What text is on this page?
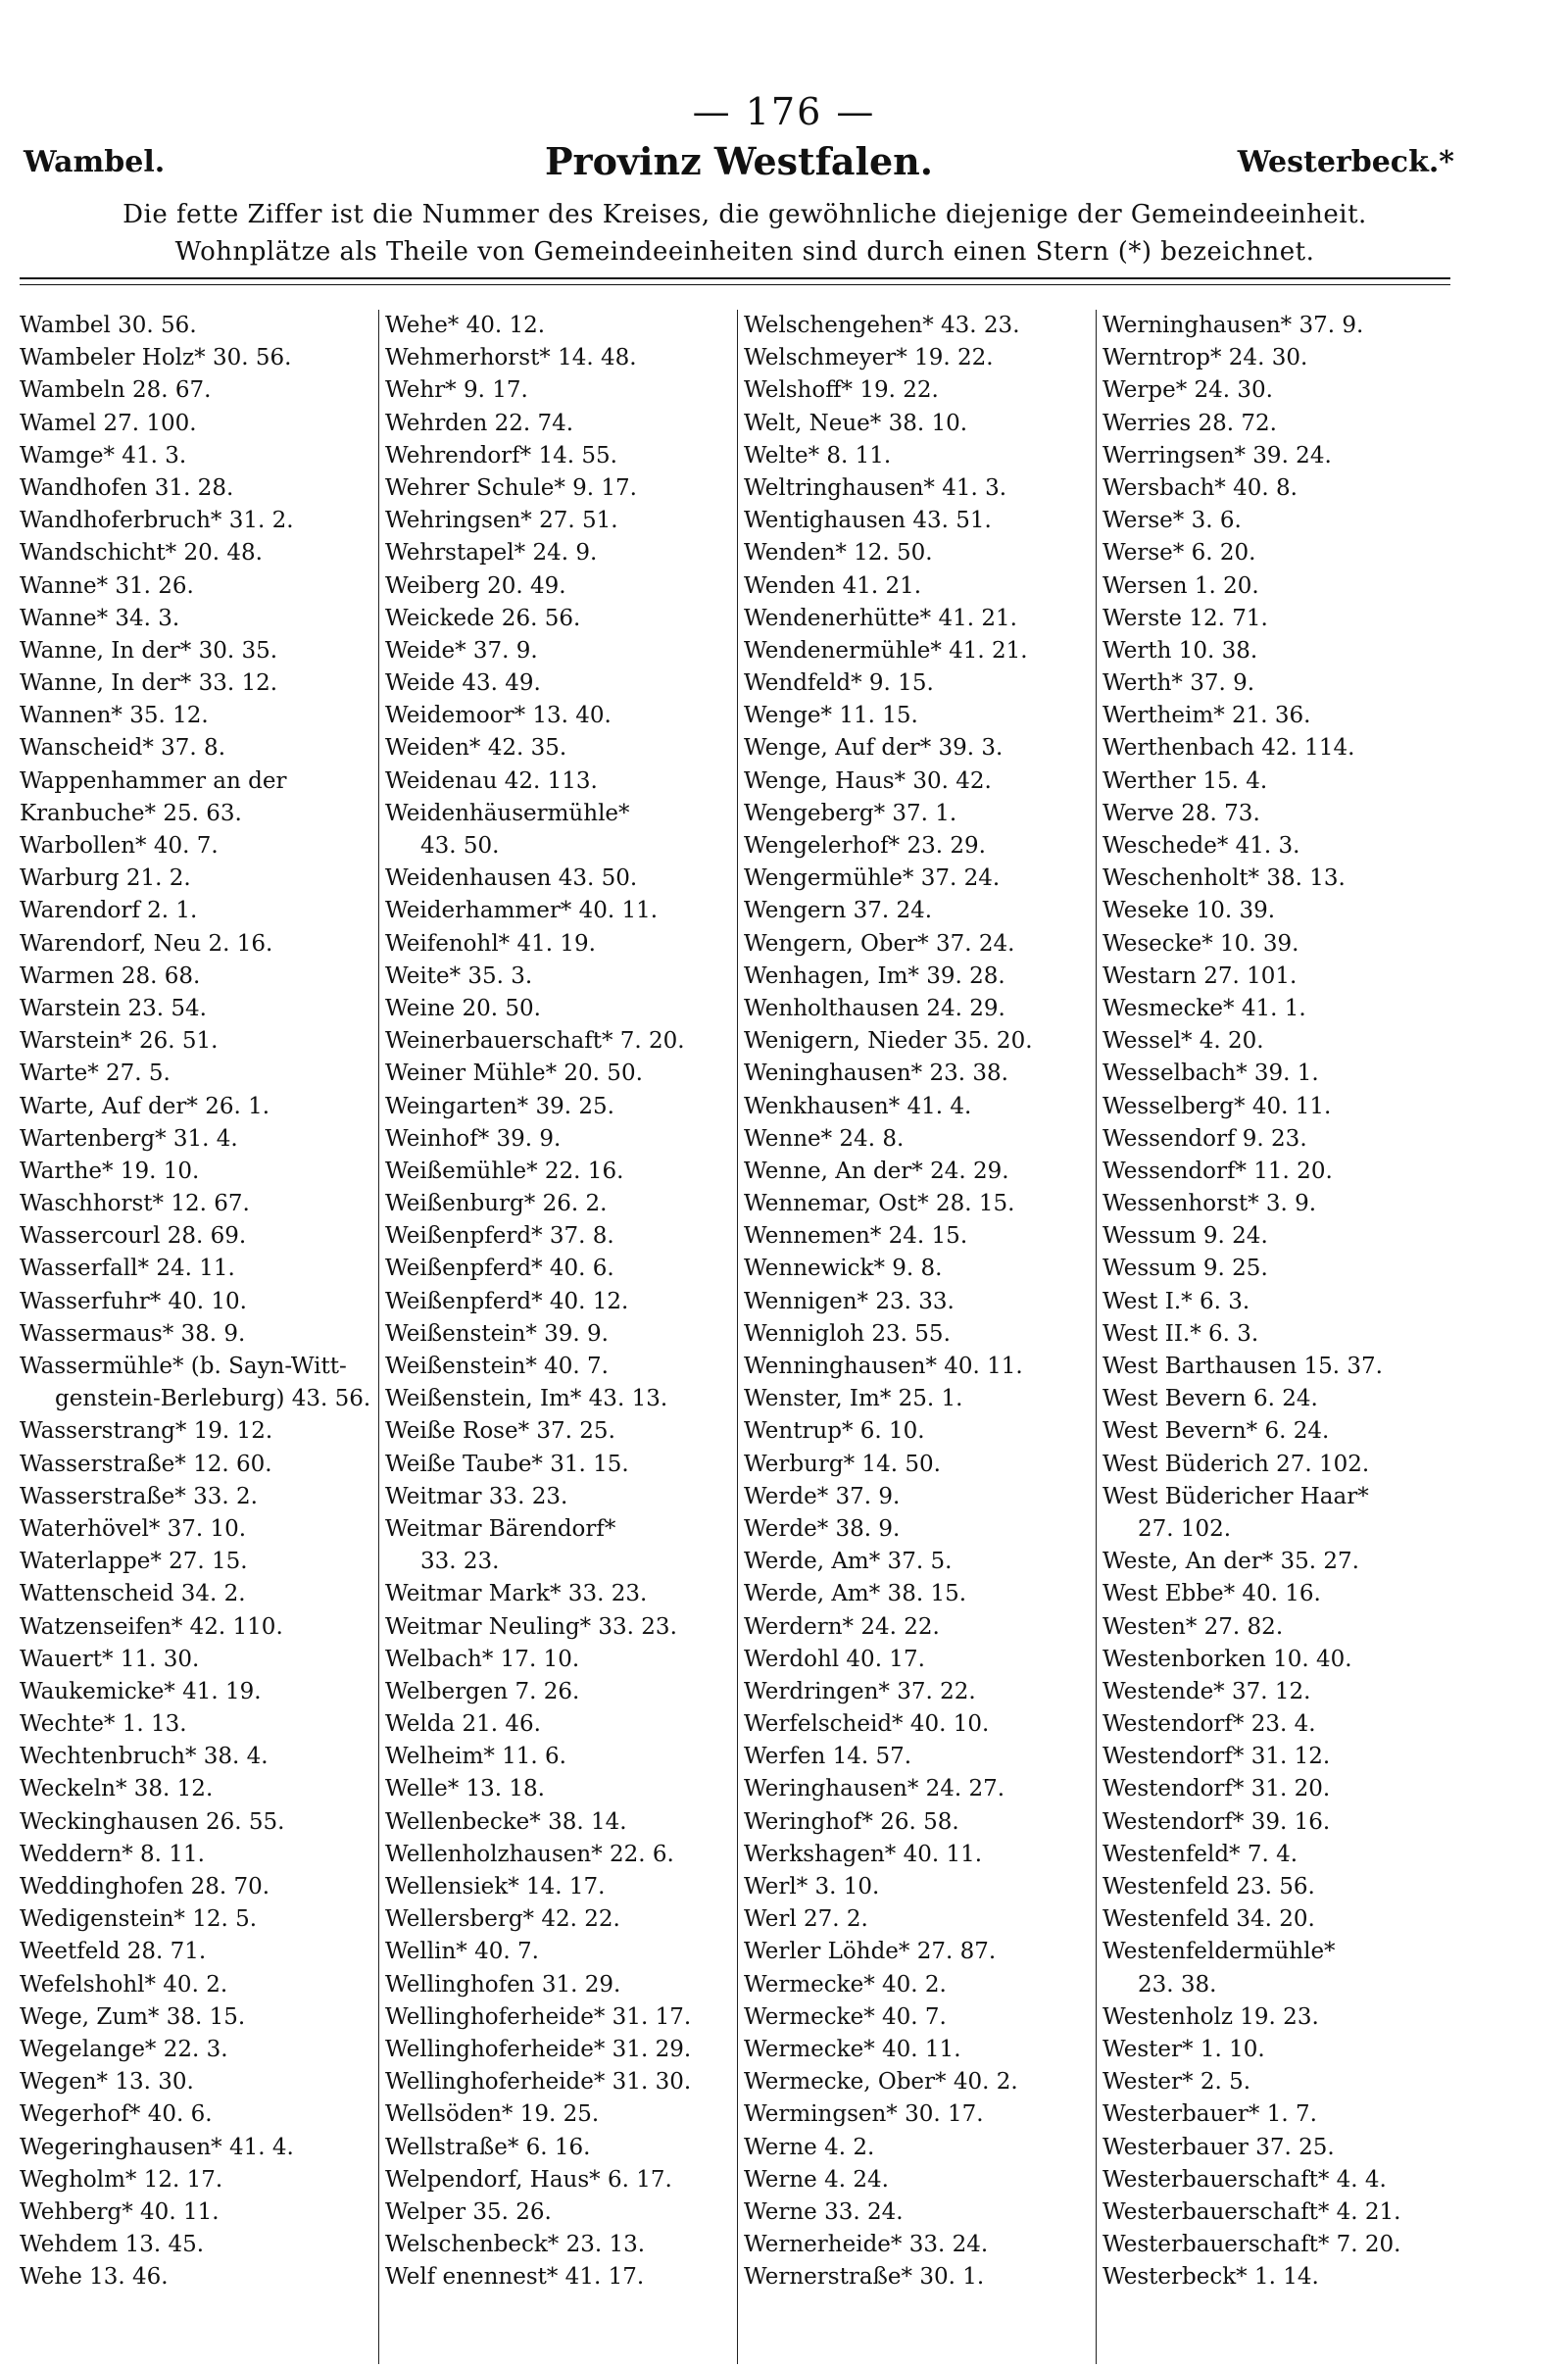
— 176 —
Wambel.	Provinz Westfalen.	Westerbeck.*
Die fette Ziffer ist die Nummer des Kreises, die gewöhnliche diejenige der Gemeindeeinheit.
Wohnplätze als Theile von Gemeindeeinheiten sind durch einen Stern (*) bezeichnet.
Wambel 30. 56.
Wambeler Holz* 30. 56.
Wambeln 28. 67.
Wamel 27. 100.
Wamge* 41. 3.
Wandhofen 31. 28.
Wandhoferbruch* 31. 2.
Wandschicht* 20. 48.
Wanne* 31. 26.
Wanne* 34. 3.
Wanne, In der* 30. 35.
Wanne, In der* 33. 12.
Wannen* 35. 12.
Wanscheid* 37. 8.
Wappenhammer an der
Kranbuche* 25. 63.
Warbollen* 40. 7.
Warburg 21. 2.
Warendorf 2. 1.
Warendorf, Neu 2. 16.
Warmen 28. 68.
Warstein 23. 54.
Warstein* 26. 51.
Warte* 27. 5.
Warte, Auf der* 26. 1.
Wartenberg* 31. 4.
Warthe* 19. 10.
Waschhorst* 12. 67.
Wassercourl 28. 69.
Wasserfall* 24. 11.
Wasserfuhr* 40. 10.
Wassermaus* 38. 9.
Wassermühle* (b. Sayn-Witt-
genstein-Berleburg) 43. 56.
Wasserstrang* 19. 12.
Wasserstraße* 12. 60.
Wasserstraße* 33. 2.
Waterhövel* 37. 10.
Waterlappe* 27. 15.
Wattenscheid 34. 2.
Watzenseifen* 42. 110.
Wauert* 11. 30.
Waukemicke* 41. 19.
Wechte* 1. 13.
Wechtenbruch* 38. 4.
Weckeln* 38. 12.
Weckinghausen 26. 55.
Weddern* 8. 11.
Weddinghofen 28. 70.
Wedigenstein* 12. 5.
Weetfeld 28. 71.
Wefelshohl* 40. 2.
Wege, Zum* 38. 15.
Wegelange* 22. 3.
Wegen* 13. 30.
Wegerhof* 40. 6.
Wegeringhausen* 41. 4.
Wegholm* 12. 17.
Wehberg* 40. 11.
Wehdem 13. 45.
Wehe 13. 46.
Wehe* 40. 12.
Wehmerhorst* 14. 48.
Wehr* 9. 17.
Wehrden 22. 74.
Wehrendorf* 14. 55.
Wehrer Schule* 9. 17.
Wehringsen* 27. 51.
Wehrstapel* 24. 9.
Weiberg 20. 49.
Weickede 26. 56.
Weide* 37. 9.
Weide 43. 49.
Weidemoor* 13. 40.
Weiden* 42. 35.
Weidenau 42. 113.
Weidenhäusermühle*
43. 50.
Weidenhausen 43. 50.
Weiderhammer* 40. 11.
Weifenohl* 41. 19.
Weite* 35. 3.
Weine 20. 50.
Weinerbauerschaft* 7. 20.
Weiner Mühle* 20. 50.
Weingarten* 39. 25.
Weinhof* 39. 9.
Weißemühle* 22. 16.
Weißenburg* 26. 2.
Weißenpferd* 37. 8.
Weißenpferd* 40. 6.
Weißenpferd* 40. 12.
Weißenstein* 39. 9.
Weißenstein* 40. 7.
Weißenstein, Im* 43. 13.
Weiße Rose* 37. 25.
Weiße Taube* 31. 15.
Weitmar 33. 23.
Weitmar Bärendorf*
33. 23.
Weitmar Mark* 33. 23.
Weitmar Neuling* 33. 23.
Welbach* 17. 10.
Welbergen 7. 26.
Welda 21. 46.
Welheim* 11. 6.
Welle* 13. 18.
Wellenbecke* 38. 14.
Wellenholzhausen* 22. 6.
Wellensiek* 14. 17.
Wellersberg* 42. 22.
Wellin* 40. 7.
Wellinghofen 31. 29.
Wellinghoferheide* 31. 17.
Wellinghoferheide* 31. 29.
Wellinghoferheide* 31. 30.
Wellsöden* 19. 25.
Wellstraße* 6. 16.
Welpendorf, Haus* 6. 17.
Welper 35. 26.
Welschenbeck* 23. 13.
Welf enennest* 41. 17.
Welschengehen* 43. 23.
Welschmeyer* 19. 22.
Welshoff* 19. 22.
Welt, Neue* 38. 10.
Welte* 8. 11.
Weltringhausen* 41. 3.
Wentighausen 43. 51.
Wenden* 12. 50.
Wenden 41. 21.
Wendenerhütte* 41. 21.
Wendenermühle* 41. 21.
Wendfeld* 9. 15.
Wenge* 11. 15.
Wenge, Auf der* 39. 3.
Wenge, Haus* 30. 42.
Wengeberg* 37. 1.
Wengelerhof* 23. 29.
Wengermühle* 37. 24.
Wengern 37. 24.
Wengern, Ober* 37. 24.
Wenhagen, Im* 39. 28.
Wenholthausen 24. 29.
Wenigern, Nieder 35. 20.
Weninghausen* 23. 38.
Wenkhausen* 41. 4.
Wenne* 24. 8.
Wenne, An der* 24. 29.
Wennemar, Ost* 28. 15.
Wennemen* 24. 15.
Wennewick* 9. 8.
Wennigen* 23. 33.
Wennigloh 23. 55.
Wenninghausen* 40. 11.
Wenster, Im* 25. 1.
Wentrup* 6. 10.
Werburg* 14. 50.
Werde* 37. 9.
Werde* 38. 9.
Werde, Am* 37. 5.
Werde, Am* 38. 15.
Werdern* 24. 22.
Werdohl 40. 17.
Werdringen* 37. 22.
Werfelscheid* 40. 10.
Werfen 14. 57.
Weringhausen* 24. 27.
Weringhof* 26. 58.
Werkshagen* 40. 11.
Werl* 3. 10.
Werl 27. 2.
Werler Löhde* 27. 87.
Wermecke* 40. 2.
Wermecke* 40. 7.
Wermecke* 40. 11.
Wermecke, Ober* 40. 2.
Wermingsen* 30. 17.
Werne 4. 2.
Werne 4. 24.
Werne 33. 24.
Wernerheide* 33. 24.
Wernerstraße* 30. 1.
Werninghausen* 37. 9.
Werntrop* 24. 30.
Werpe* 24. 30.
Werries 28. 72.
Werringsen* 39. 24.
Wersbach* 40. 8.
Werse* 3. 6.
Werse* 6. 20.
Wersen 1. 20.
Werste 12. 71.
Werth 10. 38.
Werth* 37. 9.
Wertheim* 21. 36.
Werthenbach 42. 114.
Werther 15. 4.
Werve 28. 73.
Weschede* 41. 3.
Weschenholt* 38. 13.
Weseke 10. 39.
Wesecke* 10. 39.
Westarn 27. 101.
Wesmecke* 41. 1.
Wessel* 4. 20.
Wesselbach* 39. 1.
Wesselberg* 40. 11.
Wessendorf 9. 23.
Wessendorf* 11. 20.
Wessenhorst* 3. 9.
Wessum 9. 24.
Wessum 9. 25.
West I.* 6. 3.
West II.* 6. 3.
West Barthausen 15. 37.
West Bevern 6. 24.
West Bevern* 6. 24.
West Büderich 27. 102.
West Büdericher Haar*
27. 102.
Weste, An der* 35. 27.
West Ebbe* 40. 16.
Westen* 27. 82.
Westenborken 10. 40.
Westende* 37. 12.
Westendorf* 23. 4.
Westendorf* 31. 12.
Westendorf* 31. 20.
Westendorf* 39. 16.
Westenfeld* 7. 4.
Westenfeld 23. 56.
Westenfeld 34. 20.
Westenfeldermühle*
23. 38.
Westenholz 19. 23.
Wester* 1. 10.
Wester* 2. 5.
Westerbauer* 1. 7.
Westerbauer 37. 25.
Westerbauerschaft* 4. 4.
Westerbauerschaft* 4. 21.
Westerbauerschaft* 7. 20.
Westerbeck* 1. 14.
